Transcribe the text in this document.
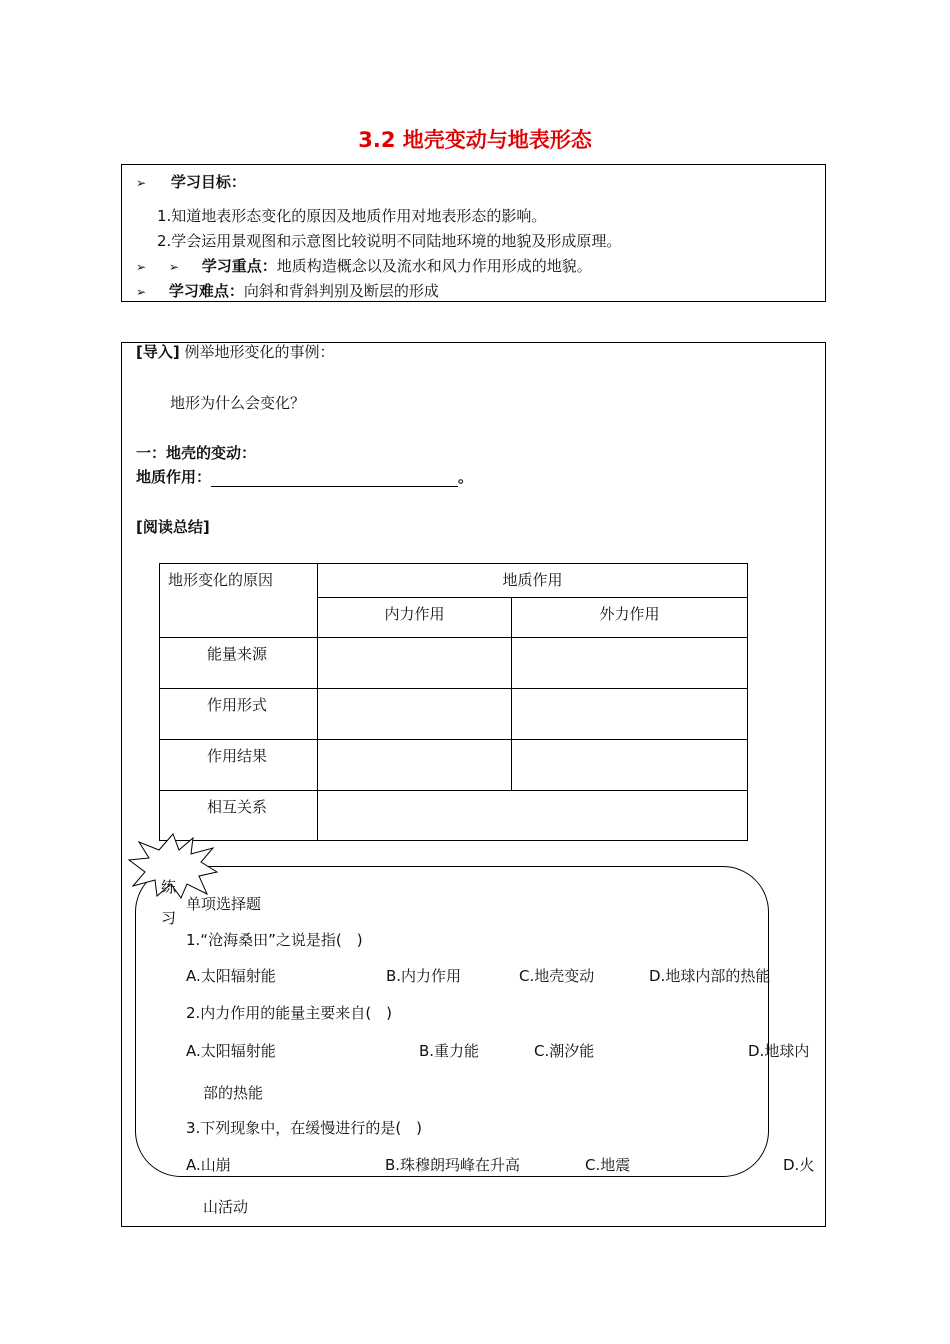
3.2 地壳变动与地表形态
➢ 学习目标：
1.知道地表形态变化的原因及地质作用对地表形态的影响。
2.学会运用景观图和示意图比较说明不同陆地环境的地貌及形成原理。
➢ ➢ 学习重点：地质构造概念以及流水和风力作用形成的地貌。
➢ 学习难点：向斜和背斜判别及断层的形成
[导入] 例举地形变化的事例：
地形为什么会变化？
一：地壳的变动：
地质作用：	。
[阅读总结]
地形变化的原因	地质作用	
	内力作用	外力作用
能量来源		
作用形式		
作用结果		
相互关系		
练
习
单项选择题
1.“沧海桑田”之说是指(　)
A.太阳辐射能	B.内力作用	C.地壳变动	D.地球内部的热能
2.内力作用的能量主要来自(　)
A.太阳辐射能	B.重力能	C.潮汐能	D.地球内
部的热能
3.下列现象中，在缓慢进行的是(　)
A.山崩	B.珠穆朗玛峰在升高	C.地震	D.火
山活动
